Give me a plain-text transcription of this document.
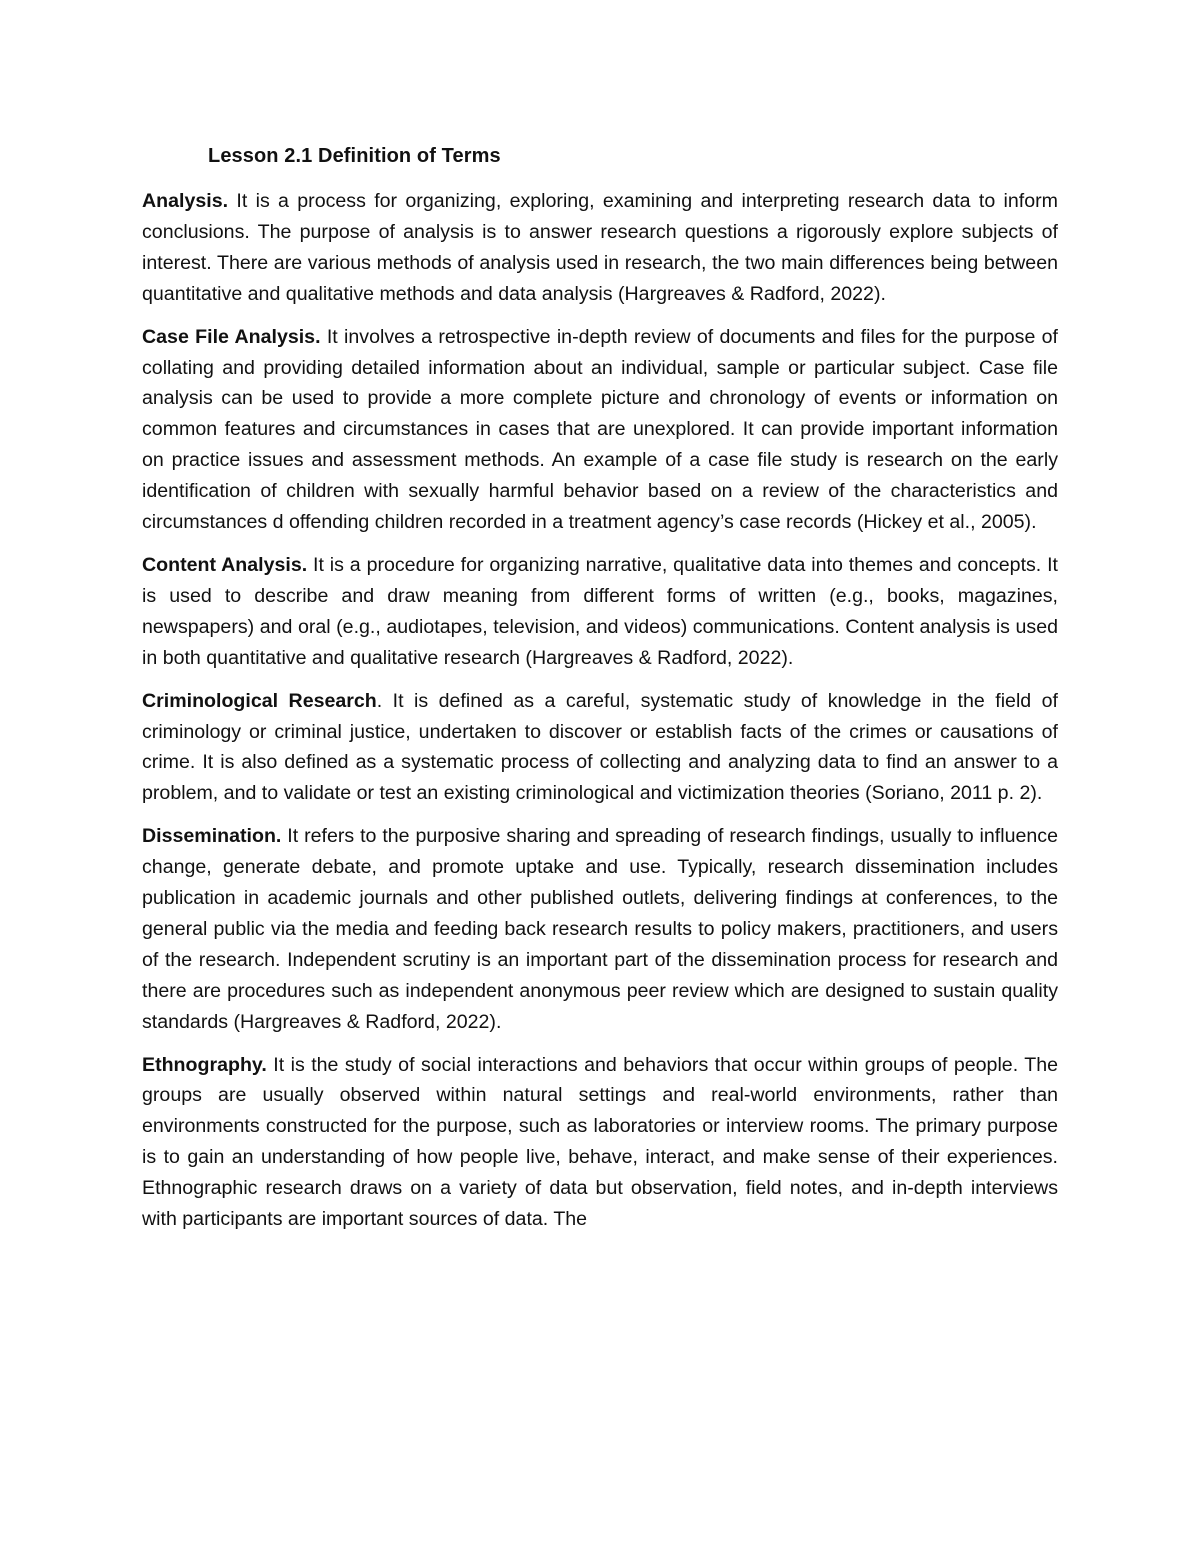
Lesson 2.1 Definition of Terms

Analysis. It is a process for organizing, exploring, examining and interpreting research data to inform conclusions. The purpose of analysis is to answer research questions a rigorously explore subjects of interest. There are various methods of analysis used in research, the two main differences being between quantitative and qualitative methods and data analysis (Hargreaves & Radford, 2022).

Case File Analysis. It involves a retrospective in-depth review of documents and files for the purpose of collating and providing detailed information about an individual, sample or particular subject. Case file analysis can be used to provide a more complete picture and chronology of events or information on common features and circumstances in cases that are unexplored. It can provide important information on practice issues and assessment methods. An example of a case file study is research on the early identification of children with sexually harmful behavior based on a review of the characteristics and circumstances d offending children recorded in a treatment agency’s case records (Hickey et al., 2005).

Content Analysis. It is a procedure for organizing narrative, qualitative data into themes and concepts. It is used to describe and draw meaning from different forms of written (e.g., books, magazines, newspapers) and oral (e.g., audiotapes, television, and videos) communications. Content analysis is used in both quantitative and qualitative research (Hargreaves & Radford, 2022).

Criminological Research. It is defined as a careful, systematic study of knowledge in the field of criminology or criminal justice, undertaken to discover or establish facts of the crimes or causations of crime. It is also defined as a systematic process of collecting and analyzing data to find an answer to a problem, and to validate or test an existing criminological and victimization theories (Soriano, 2011 p. 2).

Dissemination. It refers to the purposive sharing and spreading of research findings, usually to influence change, generate debate, and promote uptake and use. Typically, research dissemination includes publication in academic journals and other published outlets, delivering findings at conferences, to the general public via the media and feeding back research results to policy makers, practitioners, and users of the research. Independent scrutiny is an important part of the dissemination process for research and there are procedures such as independent anonymous peer review which are designed to sustain quality standards (Hargreaves & Radford, 2022).

Ethnography. It is the study of social interactions and behaviors that occur within groups of people. The groups are usually observed within natural settings and real-world environments, rather than environments constructed for the purpose, such as laboratories or interview rooms. The primary purpose is to gain an understanding of how people live, behave, interact, and make sense of their experiences. Ethnographic research draws on a variety of data but observation, field notes, and in-depth interviews with participants are important sources of data. The
